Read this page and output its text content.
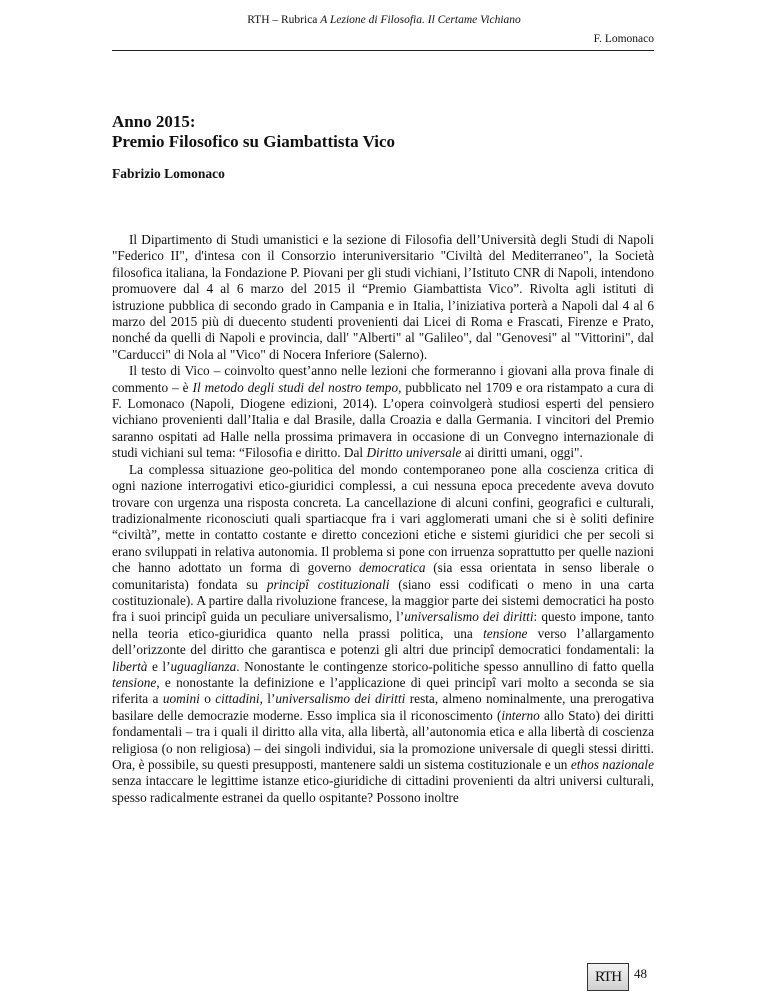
RTH – Rubrica A Lezione di Filosofia. Il Certame Vichiano
F. Lomonaco
Anno 2015:
Premio Filosofico su Giambattista Vico
Fabrizio Lomonaco

Il Dipartimento di Studi umanistici e la sezione di Filosofia dell’Università degli Studi di Napoli "Federico II", d'intesa con il Consorzio interuniversitario "Civiltà del Mediterraneo", la Società filosofica italiana, la Fondazione P. Piovani per gli studi vichiani, l’Istituto CNR di Napoli, intendono promuovere dal 4 al 6 marzo del 2015 il “Premio Giambattista Vico”. Rivolta agli istituti di istruzione pubblica di secondo grado in Campania e in Italia, l’iniziativa porterà a Napoli dal 4 al 6 marzo del 2015 più di duecento studenti provenienti dai Licei di Roma e Frascati, Firenze e Prato, nonché da quelli di Napoli e provincia, dall' "Alberti" al "Galileo", dal "Genovesi" al "Vittorini", dal "Carducci" di Nola al "Vico" di Nocera Inferiore (Salerno).

Il testo di Vico – coinvolto quest’anno nelle lezioni che formeranno i giovani alla prova finale di commento – è Il metodo degli studi del nostro tempo, pubblicato nel 1709 e ora ristampato a cura di F. Lomonaco (Napoli, Diogene edizioni, 2014). L’opera coinvolgerà studiosi esperti del pensiero vichiano provenienti dall’Italia e dal Brasile, dalla Croazia e dalla Germania. I vincitori del Premio saranno ospitati ad Halle nella prossima primavera in occasione di un Convegno internazionale di studi vichiani sul tema: “Filosofia e diritto. Dal Diritto universale ai diritti umani, oggi".

La complessa situazione geo-politica del mondo contemporaneo pone alla coscienza critica di ogni nazione interrogativi etico-giuridici complessi, a cui nessuna epoca precedente aveva dovuto trovare con urgenza una risposta concreta. La cancellazione di alcuni confini, geografici e culturali, tradizionalmente riconosciuti quali spartiacque fra i vari agglomerati umani che si è soliti definire “civiltà”, mette in contatto costante e diretto concezioni etiche e sistemi giuridici che per secoli si erano sviluppati in relativa autonomia. Il problema si pone con irruenza soprattutto per quelle nazioni che hanno adottato un forma di governo democratica (sia essa orientata in senso liberale o comunitarista) fondata su principî costituzionali (siano essi codificati o meno in una carta costituzionale). A partire dalla rivoluzione francese, la maggior parte dei sistemi democratici ha posto fra i suoi principî guida un peculiare universalismo, l’universalismo dei diritti: questo impone, tanto nella teoria etico-giuridica quanto nella prassi politica, una tensione verso l’allargamento dell’orizzonte del diritto che garantisca e potenzi gli altri due principî democratici fondamentali: la libertà e l’uguaglianza. Nonostante le contingenze storico-politiche spesso annullino di fatto quella tensione, e nonostante la definizione e l’applicazione di quei principî vari molto a seconda se sia riferita a uomini o cittadini, l’universalismo dei diritti resta, almeno nominalmente, una prerogativa basilare delle democrazie moderne. Esso implica sia il riconoscimento (interno allo Stato) dei diritti fondamentali – tra i quali il diritto alla vita, alla libertà, all’autonomia etica e alla libertà di coscienza religiosa (o non religiosa) – dei singoli individui, sia la promozione universale di quegli stessi diritti. Ora, è possibile, su questi presupposti, mantenere saldi un sistema costituzionale e un ethos nazionale senza intaccare le legittime istanze etico-giuridiche di cittadini provenienti da altri universi culturali, spesso radicalmente estranei da quello ospitante? Possono inoltre

RTH 48
